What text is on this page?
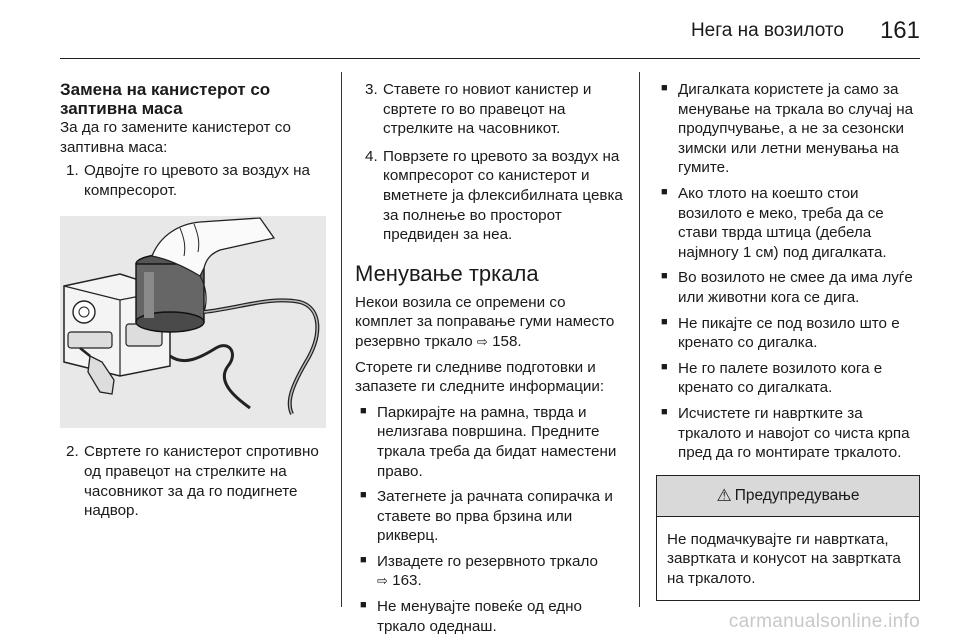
Нега на возилото 161
Замена на канистерот со заптивна маса

За да го замените канистерот со заптивна маса:

1. Одвојте го цревото за воздух на компресорот.
2. Свртете го канистерот спротивно од правецот на стрелките на часовникот за да го подигнете надвор.
3. Ставете го новиот канистер и свртете го во правецот на стрелките на часовникот.
4. Поврзете го цревото за воздух на компресорот со канистерот и вметнете ја флексибилната цевка за полнење во просторот предвиден за неа.
Менување тркала

Некои возила се опремени со комплет за поправање гуми наместо резервно тркало ⇨ 158.

Сторете ги следниве подготовки и запазете ги следните информации:

■ Паркирајте на рамна, тврда и нелизгава површина. Предните тркала треба да бидат наместени право.
■ Затегнете ја рачната сопирачка и ставете во прва брзина или рикверц.
■ Извадете го резервното тркало
⇨ 163.
■ Не менувајте повеќе од едно тркало одеднаш.
■ Дигалката користете ја само за менување на тркала во случај на продупчување, а не за сезонски зимски или летни менувања на гумите.
■ Ако тлото на коешто стои возилото е меко, треба да се стави тврда штица (дебела најмногу 1 см) под дигалката.
■ Во возилото не смее да има луѓе или животни кога се дига.
■ Не пикајте се под возило што е кренато со дигалка.
■ Не го палете возилото кога е кренато со дигалката.
■ Исчистете ги навртките за тркалото и навојот со чиста крпа пред да го монтирате тркалото.
⚠ Предупредување
Не подмачкувајте ги навртката, завртката и конусот на завртката на тркалото.
carmanualsonline.info
